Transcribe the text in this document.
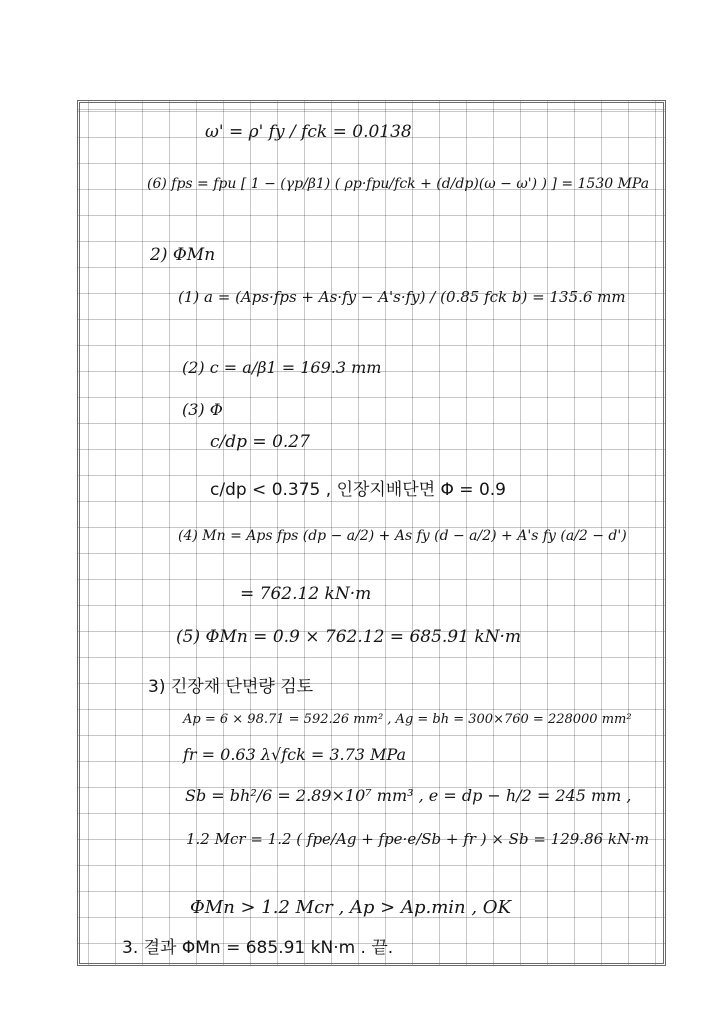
ω' = ρ' fy / fck = 0.0138
(6) fps = fpu [ 1 − (γp/β1) ( ρp·fpu/fck + (d/dp)(ω − ω') ) ] = 1530 MPa
2) ΦMn
(1) a = (Aps·fps + As·fy − A's·fy) / (0.85 fck b) = 135.6 mm
(2) c = a/β1 = 169.3 mm
(3) Φ
c/dp = 0.27
c/dp < 0.375 , 인장지배단면 Φ = 0.9
(4) Mn = Aps fps (dp − a/2) + As fy (d − a/2) + A's fy (a/2 − d')
= 762.12 kN·m
(5) ΦMn = 0.9 × 762.12 = 685.91 kN·m
3) 긴장재 단면량 검토
Ap = 6 × 98.71 = 592.26 mm² , Ag = bh = 300×760 = 228000 mm²
fr = 0.63 λ√fck = 3.73 MPa
Sb = bh²/6 = 2.89×10⁷ mm³ , e = dp − h/2 = 245 mm ,
1.2 Mcr = 1.2 ( fpe/Ag + fpe·e/Sb + fr ) × Sb = 129.86 kN·m
ΦMn > 1.2 Mcr , Ap > Ap.min , OK
3. 결과 ΦMn = 685.91 kN·m . 끝.
